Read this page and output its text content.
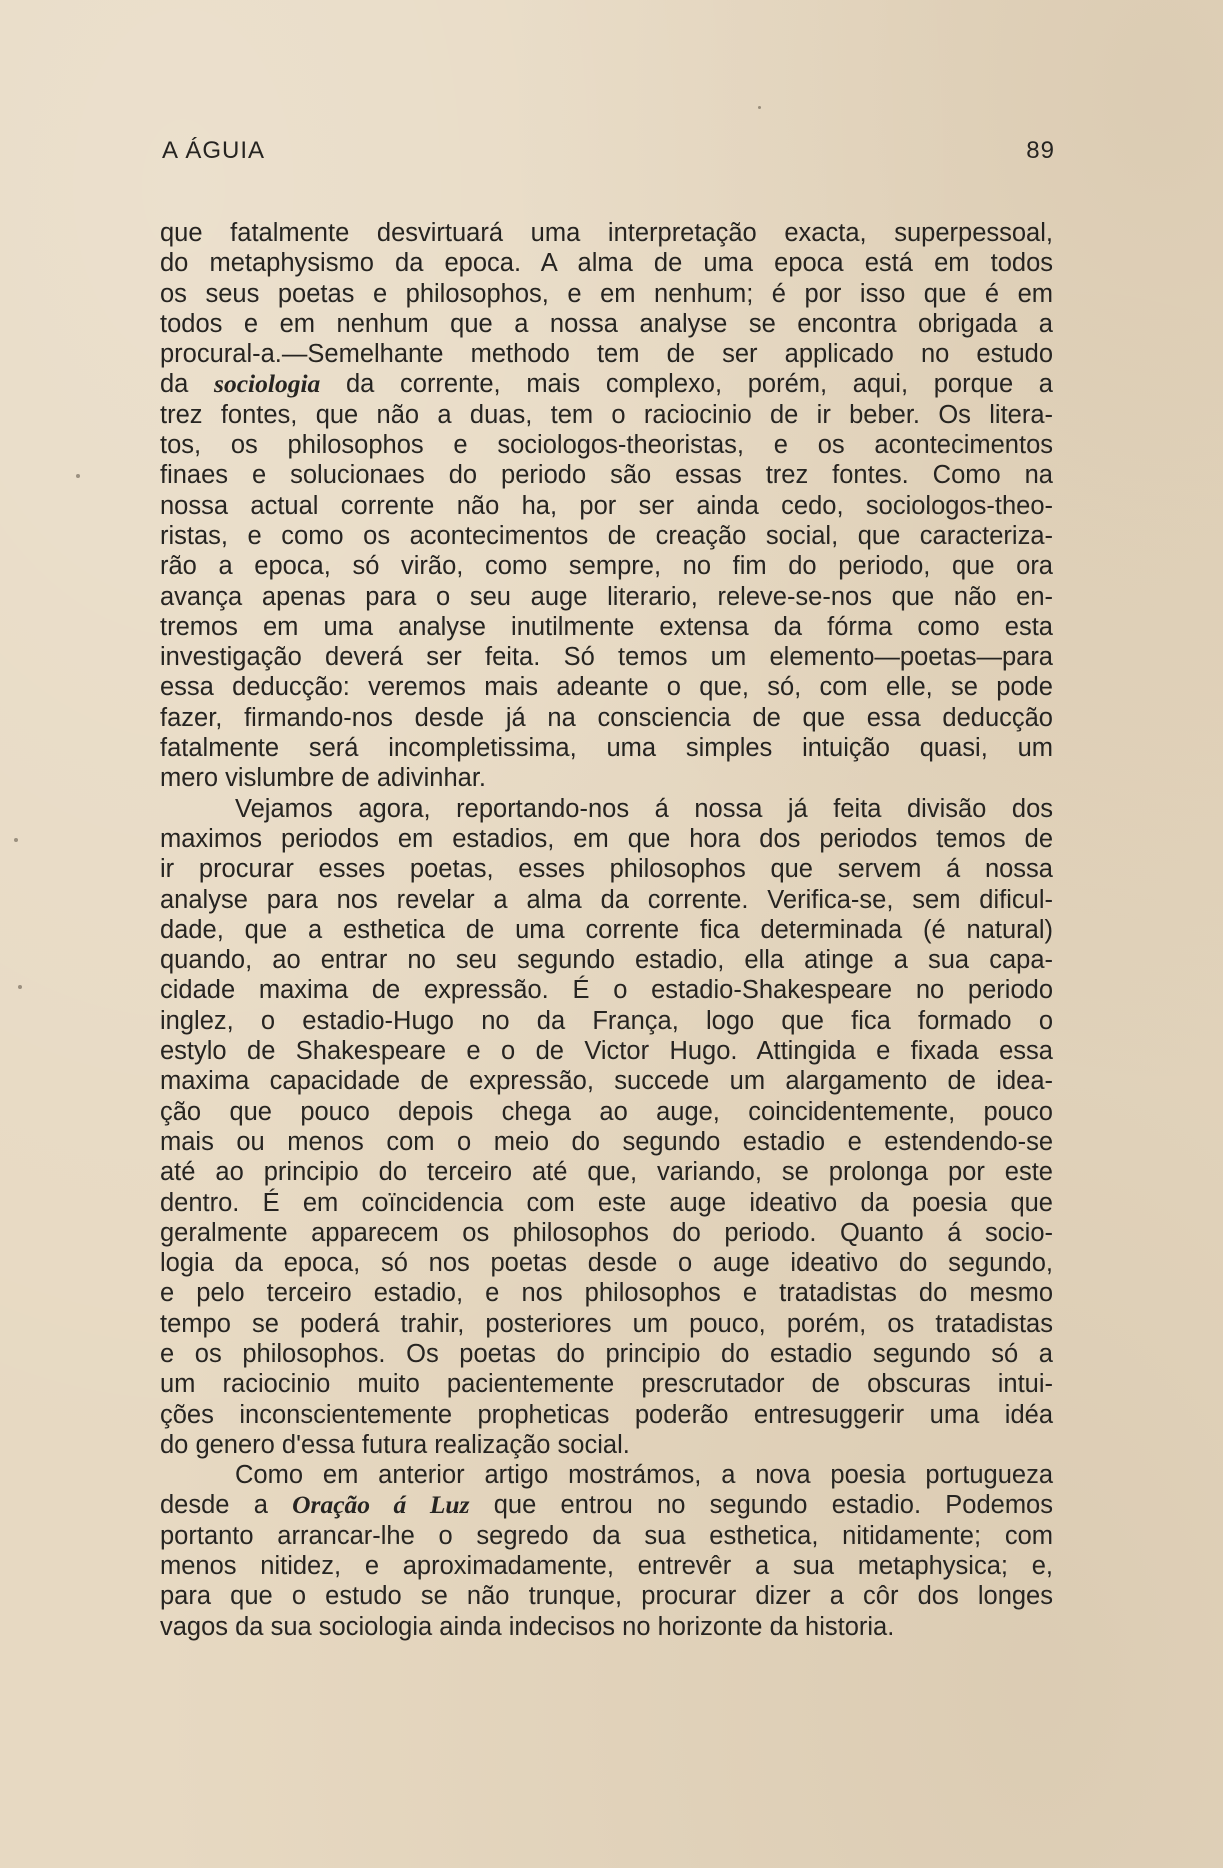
A ÁGUIA	89
que fatalmente desvirtuará uma interpretação exacta, superpessoal,
do metaphysismo da epoca. A alma de uma epoca está em todos
os seus poetas e philosophos, e em nenhum; é por isso que é em
todos e em nenhum que a nossa analyse se encontra obrigada a
procural-a.—Semelhante methodo tem de ser applicado no estudo
da sociologia da corrente, mais complexo, porém, aqui, porque a
trez fontes, que não a duas, tem o raciocinio de ir beber. Os litera-
tos, os philosophos e sociologos-theoristas, e os acontecimentos
finaes e solucionaes do periodo são essas trez fontes. Como na
nossa actual corrente não ha, por ser ainda cedo, sociologos-theo-
ristas, e como os acontecimentos de creação social, que caracteriza-
rão a epoca, só virão, como sempre, no fim do periodo, que ora
avança apenas para o seu auge literario, releve-se-nos que não en-
tremos em uma analyse inutilmente extensa da fórma como esta
investigação deverá ser feita. Só temos um elemento—poetas—para
essa deducção: veremos mais adeante o que, só, com elle, se pode
fazer, firmando-nos desde já na consciencia de que essa deducção
fatalmente será incompletissima, uma simples intuição quasi, um
mero vislumbre de adivinhar.
Vejamos agora, reportando-nos á nossa já feita divisão dos
maximos periodos em estadios, em que hora dos periodos temos de
ir procurar esses poetas, esses philosophos que servem á nossa
analyse para nos revelar a alma da corrente. Verifica-se, sem dificul-
dade, que a esthetica de uma corrente fica determinada (é natural)
quando, ao entrar no seu segundo estadio, ella atinge a sua capa-
cidade maxima de expressão. É o estadio-Shakespeare no periodo
inglez, o estadio-Hugo no da França, logo que fica formado o
estylo de Shakespeare e o de Victor Hugo. Attingida e fixada essa
maxima capacidade de expressão, succede um alargamento de idea-
ção que pouco depois chega ao auge, coincidentemente, pouco
mais ou menos com o meio do segundo estadio e estendendo-se
até ao principio do terceiro até que, variando, se prolonga por este
dentro. É em coïncidencia com este auge ideativo da poesia que
geralmente apparecem os philosophos do periodo. Quanto á socio-
logia da epoca, só nos poetas desde o auge ideativo do segundo,
e pelo terceiro estadio, e nos philosophos e tratadistas do mesmo
tempo se poderá trahir, posteriores um pouco, porém, os tratadistas
e os philosophos. Os poetas do principio do estadio segundo só a
um raciocinio muito pacientemente prescrutador de obscuras intui-
ções inconscientemente propheticas poderão entresuggerir uma idéa
do genero d'essa futura realização social.
Como em anterior artigo mostrámos, a nova poesia portugueza
desde a Oração á Luz que entrou no segundo estadio. Podemos
portanto arrancar-lhe o segredo da sua esthetica, nitidamente; com
menos nitidez, e aproximadamente, entrevêr a sua metaphysica; e,
para que o estudo se não trunque, procurar dizer a côr dos longes
vagos da sua sociologia ainda indecisos no horizonte da historia.
